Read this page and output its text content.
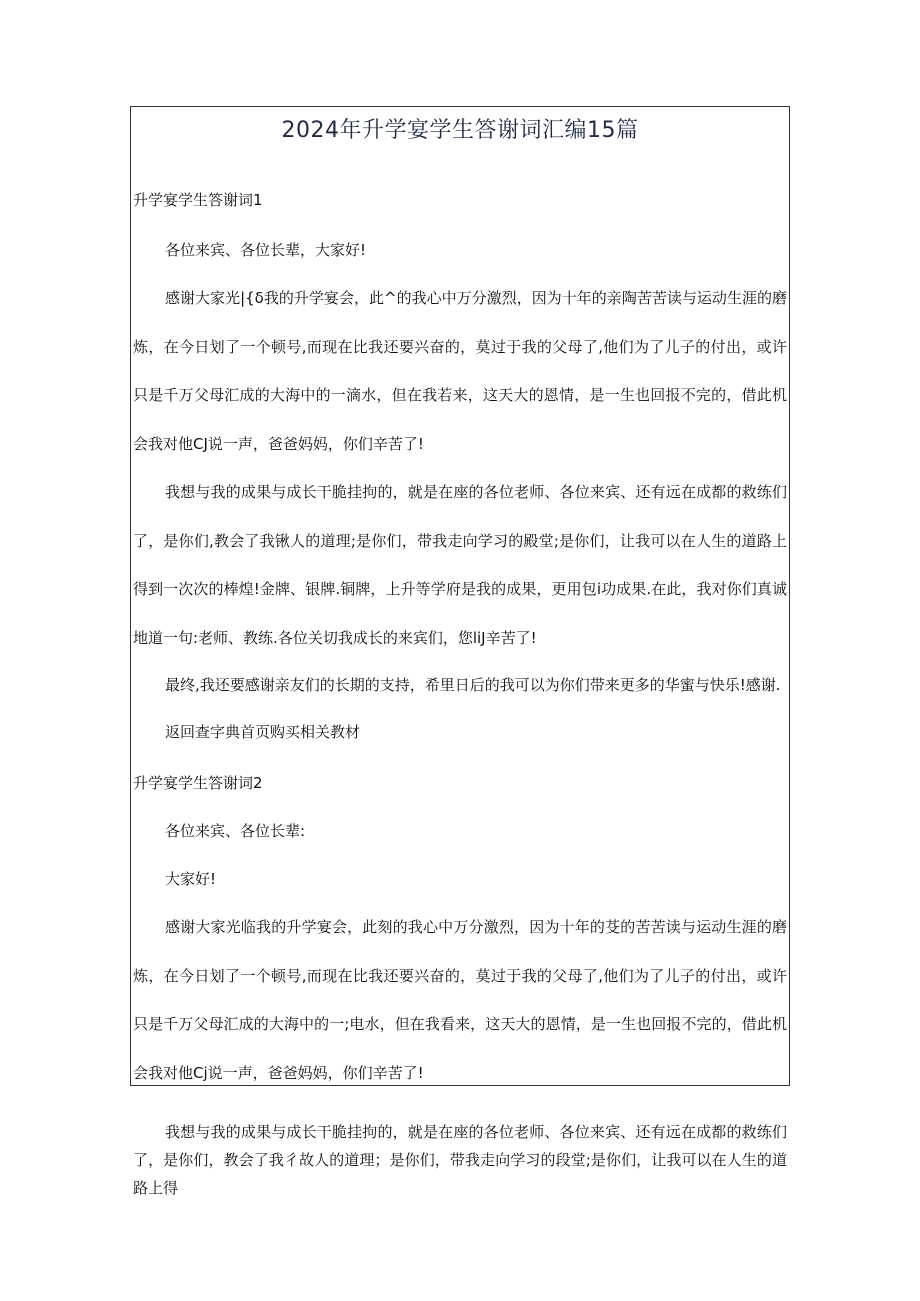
2024年升学宴学生答谢词汇编15篇
升学宴学生答谢词1
各位来宾、各位长辈，大家好!

感谢大家光|{δ我的升学宴会，此^的我心中万分激烈，因为十年的亲陶苦苦读与运动生涯的磨炼，在今日划了一个顿号,而现在比我还要兴奋的，莫过于我的父母了,他们为了儿子的付出，或许只是千万父母汇成的大海中的一滴水，但在我若来，这天大的恩情，是一生也回报不完的，借此机会我对他CJ说一声，爸爸妈妈，你们辛苦了!

我想与我的成果与成长干脆挂拘的，就是在座的各位老师、各位来宾、还有远在成都的救练们了，是你们,教会了我锹人的道理;是你们，带我走向学习的殿堂;是你们，让我可以在人生的道路上得到一次次的棒煌!金牌、银牌.铜牌，上升等学府是我的成果，更用包i功成果.在此，我对你们真诚地道一句:老师、教练.各位关切我成长的来宾们，您liJ辛苦了!

最终,我还要感谢亲友们的长期的支持，希里日后的我可以为你们带来更多的华蜜与快乐!感谢.
返回查字典首页购买相关教材
升学宴学生答谢词2
各位来宾、各位长辈:
大家好!

感谢大家光临我的升学宴会，此刻的我心中万分激烈，因为十年的芟的苦苦读与运动生涯的磨炼，在今日划了一个顿号,而现在比我还要兴奋的，莫过于我的父母了,他们为了儿子的付出，或许只是千万父母汇成的大海中的一;电水，但在我看来，这天大的恩情，是一生也回报不完的，借此机会我对他Cj说一声，爸爸妈妈，你们辛苦了!

我想与我的成果与成长干脆挂拘的，就是在座的各位老师、各位来宾、还有远在成都的救练们了，是你们，教会了我彳故人的道理；是你们，带我走向学习的段堂;是你们，让我可以在人生的道路上得
